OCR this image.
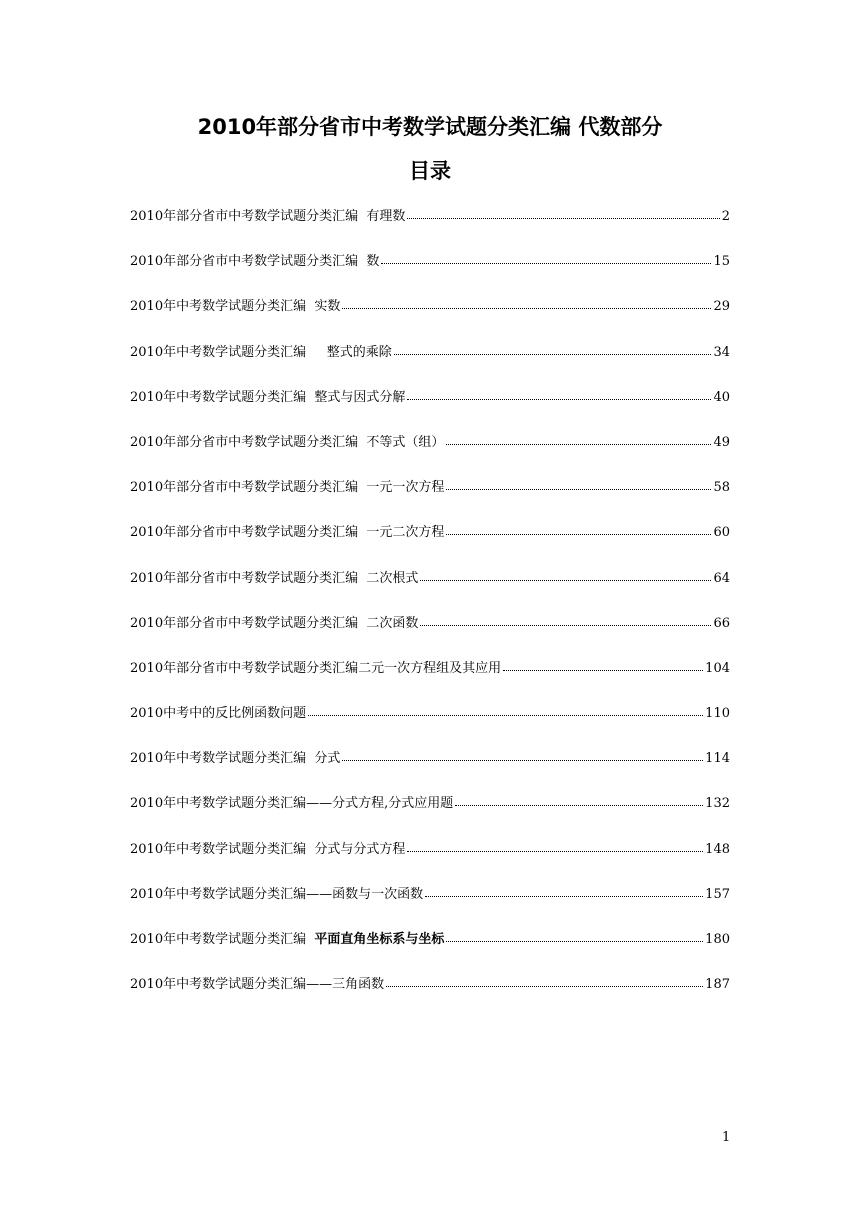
2010年部分省市中考数学试题分类汇编 代数部分
目录
2010年部分省市中考数学试题分类汇编  有理数	2
2010年部分省市中考数学试题分类汇编  数	15
2010年中考数学试题分类汇编  实数	29
2010年中考数学试题分类汇编     整式的乘除	34
2010年中考数学试题分类汇编  整式与因式分解	40
2010年部分省市中考数学试题分类汇编  不等式（组）	49
2010年部分省市中考数学试题分类汇编  一元一次方程	58
2010年部分省市中考数学试题分类汇编  一元二次方程	60
2010年部分省市中考数学试题分类汇编  二次根式	64
2010年部分省市中考数学试题分类汇编  二次函数	66
2010年部分省市中考数学试题分类汇编二元一次方程组及其应用	104
2010中考中的反比例函数问题	110
2010年中考数学试题分类汇编  分式	114
2010年中考数学试题分类汇编——分式方程,分式应用题	132
2010年中考数学试题分类汇编  分式与分式方程	148
2010年中考数学试题分类汇编——函数与一次函数	157
2010年中考数学试题分类汇编 平面直角坐标系与坐标	180
2010年中考数学试题分类汇编——三角函数	187
1
